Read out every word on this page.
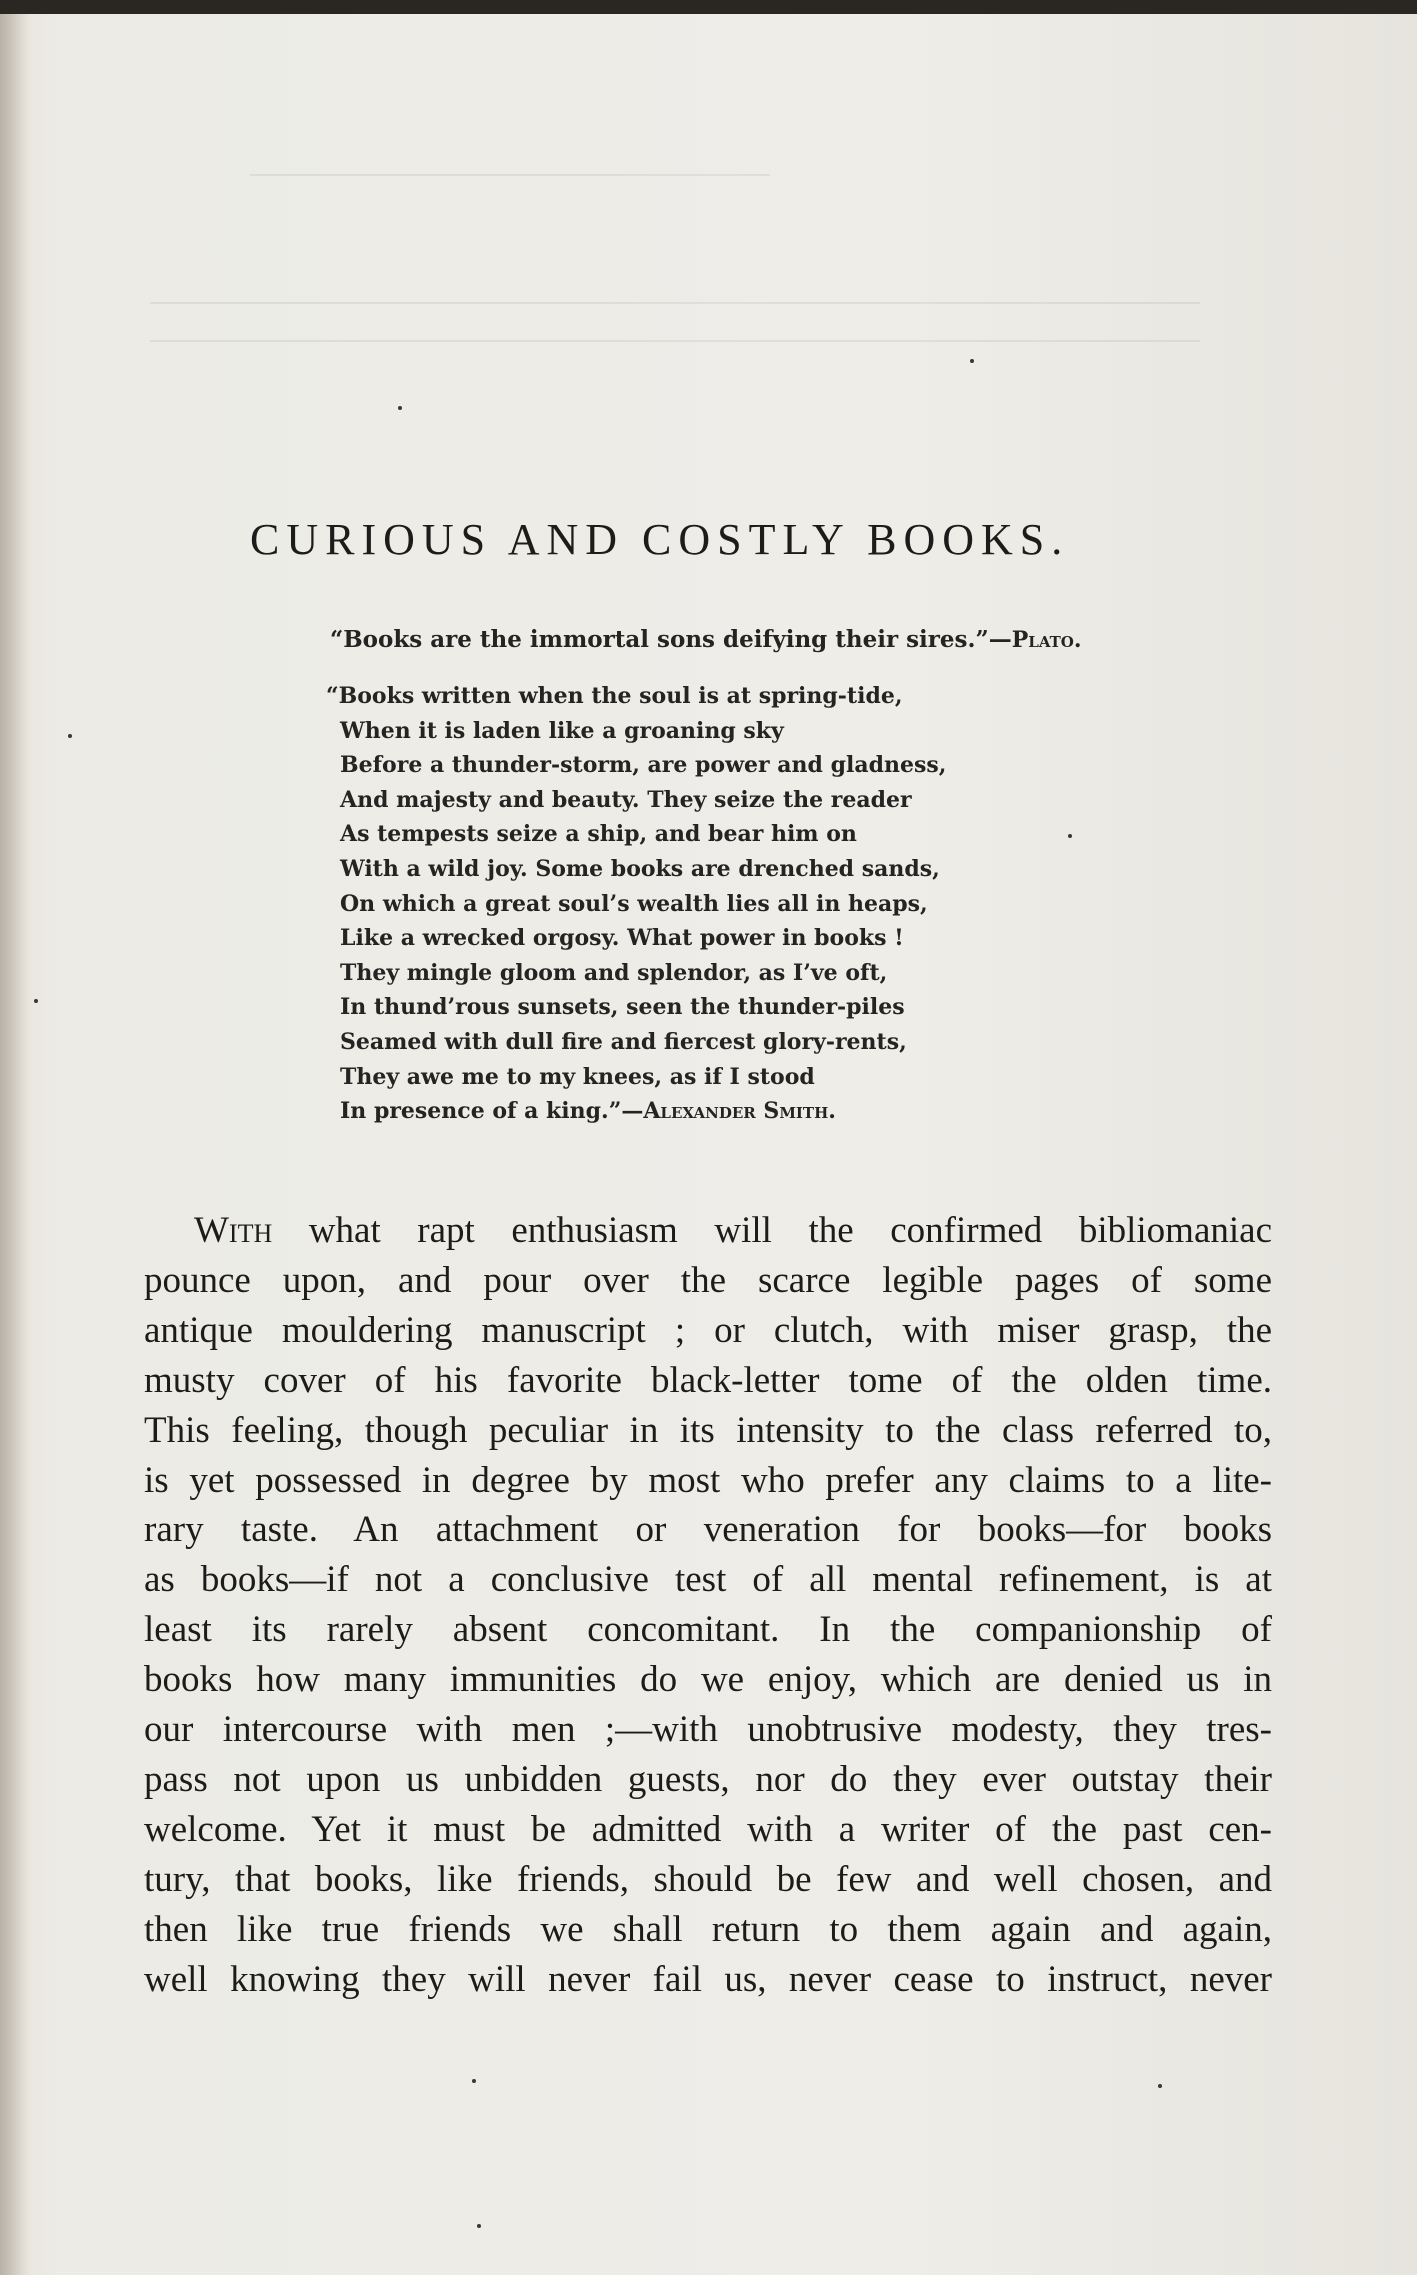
CURIOUS AND COSTLY BOOKS.
“Books are the immortal sons deifying their sires.”—Plato.
“Books written when the soul is at spring-tide,
When it is laden like a groaning sky
Before a thunder-storm, are power and gladness,
And majesty and beauty. They seize the reader
As tempests seize a ship, and bear him on
With a wild joy. Some books are drenched sands,
On which a great soul’s wealth lies all in heaps,
Like a wrecked orgosy. What power in books !
They mingle gloom and splendor, as I’ve oft,
In thund’rous sunsets, seen the thunder-piles
Seamed with dull fire and fiercest glory-rents,
They awe me to my knees, as if I stood
In presence of a king.”—Alexander Smith.
With what rapt enthusiasm will the confirmed bibliomaniac
pounce upon, and pour over the scarce legible pages of some
antique mouldering manuscript ; or clutch, with miser grasp, the
musty cover of his favorite black-letter tome of the olden time.
This feeling, though peculiar in its intensity to the class referred to,
is yet possessed in degree by most who prefer any claims to a lite-
rary taste. An attachment or veneration for books—for books
as books—if not a conclusive test of all mental refinement, is at
least its rarely absent concomitant. In the companionship of
books how many immunities do we enjoy, which are denied us in
our intercourse with men ;—with unobtrusive modesty, they tres-
pass not upon us unbidden guests, nor do they ever outstay their
welcome. Yet it must be admitted with a writer of the past cen-
tury, that books, like friends, should be few and well chosen, and
then like true friends we shall return to them again and again,
well knowing they will never fail us, never cease to instruct, never
